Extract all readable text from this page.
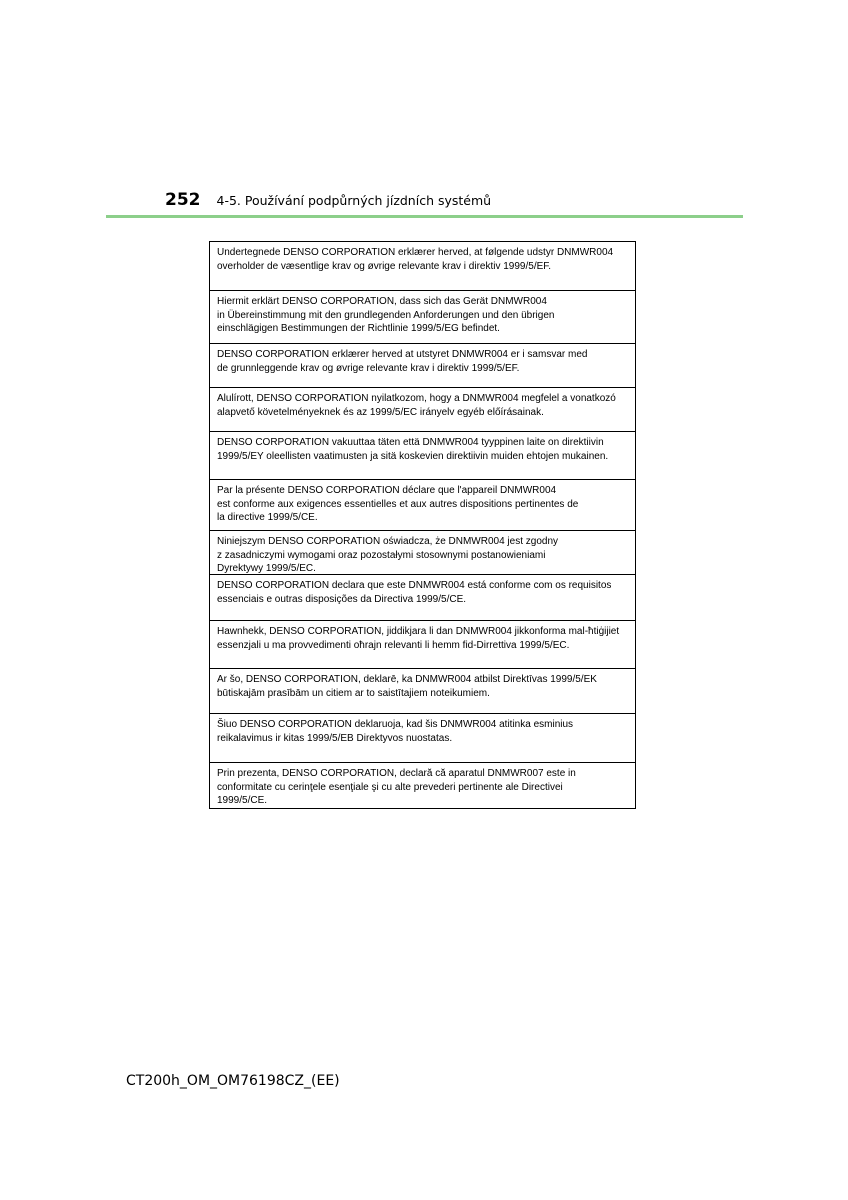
252 4-5. Používání podpůrných jízdních systémů
Undertegnede DENSO CORPORATION erklærer herved, at følgende udstyr DNMWR004
overholder de væsentlige krav og øvrige relevante krav i direktiv 1999/5/EF.
Hiermit erklärt DENSO CORPORATION, dass sich das Gerät DNMWR004
in Übereinstimmung mit den grundlegenden Anforderungen und den übrigen
einschlägigen Bestimmungen der Richtlinie 1999/5/EG befindet.
DENSO CORPORATION erklærer herved at utstyret DNMWR004 er i samsvar med
de grunnleggende krav og øvrige relevante krav i direktiv 1999/5/EF.
Alulírott, DENSO CORPORATION nyilatkozom, hogy a DNMWR004 megfelel a vonatkozó
alapvető követelményeknek és az 1999/5/EC irányelv egyéb előírásainak.
DENSO CORPORATION vakuuttaa täten että DNMWR004 tyyppinen laite on direktiivin
1999/5/EY oleellisten vaatimusten ja sitä koskevien direktiivin muiden ehtojen mukainen.
Par la présente DENSO CORPORATION déclare que l'appareil DNMWR004
est conforme aux exigences essentielles et aux autres dispositions pertinentes de
la directive 1999/5/CE.
Niniejszym DENSO CORPORATION oświadcza, że DNMWR004 jest zgodny
z zasadniczymi wymogami oraz pozostałymi stosownymi postanowieniami
Dyrektywy 1999/5/EC.
DENSO CORPORATION declara que este DNMWR004 está conforme com os requisitos
essenciais e outras disposições da Directiva 1999/5/CE.
Hawnhekk, DENSO CORPORATION, jiddikjara li dan DNMWR004 jikkonforma mal-ħtiġijiet
essenzjali u ma provvedimenti oħrajn relevanti li hemm fid-Dirrettiva 1999/5/EC.
Ar šo, DENSO CORPORATION, deklarē, ka DNMWR004 atbilst Direktīvas 1999/5/EK
būtiskajām prasībām un citiem ar to saistītajiem noteikumiem.
Šiuo DENSO CORPORATION deklaruoja, kad šis DNMWR004 atitinka esminius
reikalavimus ir kitas 1999/5/EB Direktyvos nuostatas.
Prin prezenta, DENSO CORPORATION, declară că aparatul DNMWR007 este in
conformitate cu cerinţele esenţiale şi cu alte prevederi pertinente ale Directivei
1999/5/CE.
CT200h_OM_OM76198CZ_(EE)
